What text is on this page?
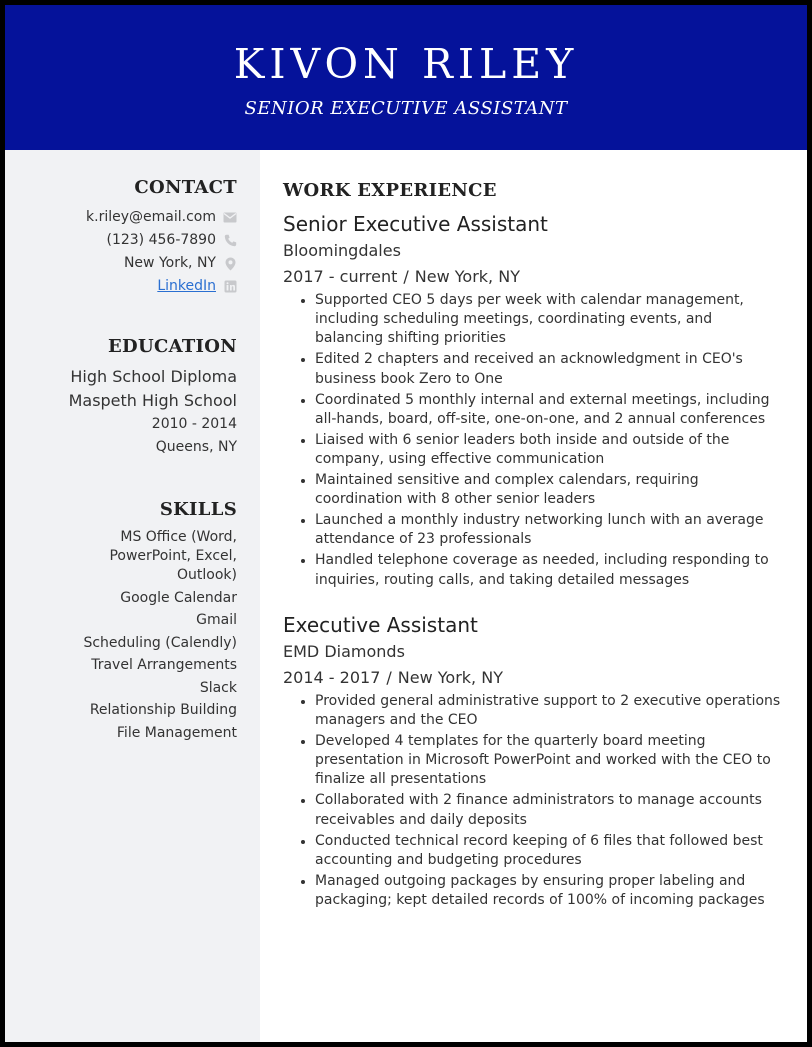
KIVON RILEY
SENIOR EXECUTIVE ASSISTANT
CONTACT
k.riley@email.com
(123) 456-7890
New York, NY
LinkedIn
EDUCATION
High School Diploma
Maspeth High School
2010 - 2014
Queens, NY
SKILLS
MS Office (Word, PowerPoint, Excel, Outlook)
Google Calendar
Gmail
Scheduling (Calendly)
Travel Arrangements
Slack
Relationship Building
File Management
WORK EXPERIENCE
Senior Executive Assistant
Bloomingdales
2017 - current / New York, NY
• Supported CEO 5 days per week with calendar management, including scheduling meetings, coordinating events, and balancing shifting priorities
• Edited 2 chapters and received an acknowledgment in CEO's business book Zero to One
• Coordinated 5 monthly internal and external meetings, including all-hands, board, off-site, one-on-one, and 2 annual conferences
• Liaised with 6 senior leaders both inside and outside of the company, using effective communication
• Maintained sensitive and complex calendars, requiring coordination with 8 other senior leaders
• Launched a monthly industry networking lunch with an average attendance of 23 professionals
• Handled telephone coverage as needed, including responding to inquiries, routing calls, and taking detailed messages
Executive Assistant
EMD Diamonds
2014 - 2017 / New York, NY
• Provided general administrative support to 2 executive operations managers and the CEO
• Developed 4 templates for the quarterly board meeting presentation in Microsoft PowerPoint and worked with the CEO to finalize all presentations
• Collaborated with 2 finance administrators to manage accounts receivables and daily deposits
• Conducted technical record keeping of 6 files that followed best accounting and budgeting procedures
• Managed outgoing packages by ensuring proper labeling and packaging; kept detailed records of 100% of incoming packages
